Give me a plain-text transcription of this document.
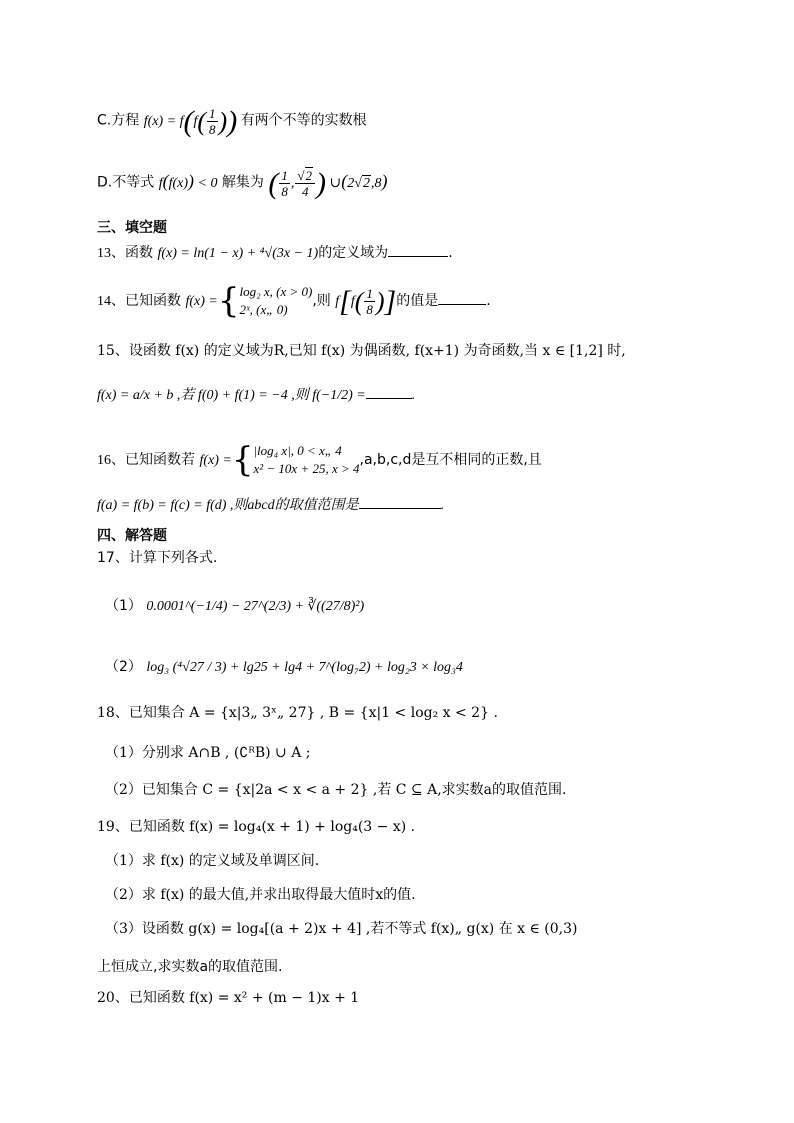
C.方程 $f(x) = f(f( \frac{1}{8}$ )) 有两个不等的实数根
D.不等式 f(f(x)) < 0 解集为 ( $\frac{1}{8}$ , $\frac{√2}{4}$ ) ∪(2√2,8)
三、填空题
13、函数 f(x) = ln(1 − x) + ⁴√(3x − 1)的定义域为	.
14、已知函数 f(x) ={ log₂ x, (x > 0)
2ˣ, (x„ 0)
,则 $f[f( \frac{1}{8}$ )]的值是	.
15、设函数 f(x) 的定义域为R,已知 f(x) 为偶函数, f(x+1) 为奇函数,当 x ∈ [1,2] 时,
f(x) = a/x + b ,若 f(0) + f(1) = −4 ,则 f(−1/2) =	.
16、已知函数若 f(x) ={ |log₄ x|, 0 < x„ 4
x² − 10x + 25, x > 4
,a,b,c,d是互不相同的正数,且
f(a) = f(b) = f(c) = f(d) ,则abcd的取值范围是	.
四、解答题
17、计算下列各式.
（1） 0.0001^(−1/4) − 27^(2/3) + ∛((27/8)²)
（2） log₃ (⁴√27 / 3) + lg25 + lg4 + 7^(log₇2) + log₂3 × log₃4
18、已知集合 A = {x|3„ 3ˣ„ 27} , B = {x|1 < log₂ x < 2} .
（1）分别求 A∩B , (∁ᴿB) ∪ A ;
（2）已知集合 C = {x|2a < x < a + 2} ,若 C ⊆ A,求实数a的取值范围.
19、已知函数 f(x) = log₄(x + 1) + log₄(3 − x) .
（1）求 f(x) 的定义域及单调区间.
（2）求 f(x) 的最大值,并求出取得最大值时x的值.
（3）设函数 g(x) = log₄[(a + 2)x + 4] ,若不等式 f(x)„ g(x) 在 x ∈ (0,3)
上恒成立,求实数a的取值范围.
20、已知函数 f(x) = x² + (m − 1)x + 1
